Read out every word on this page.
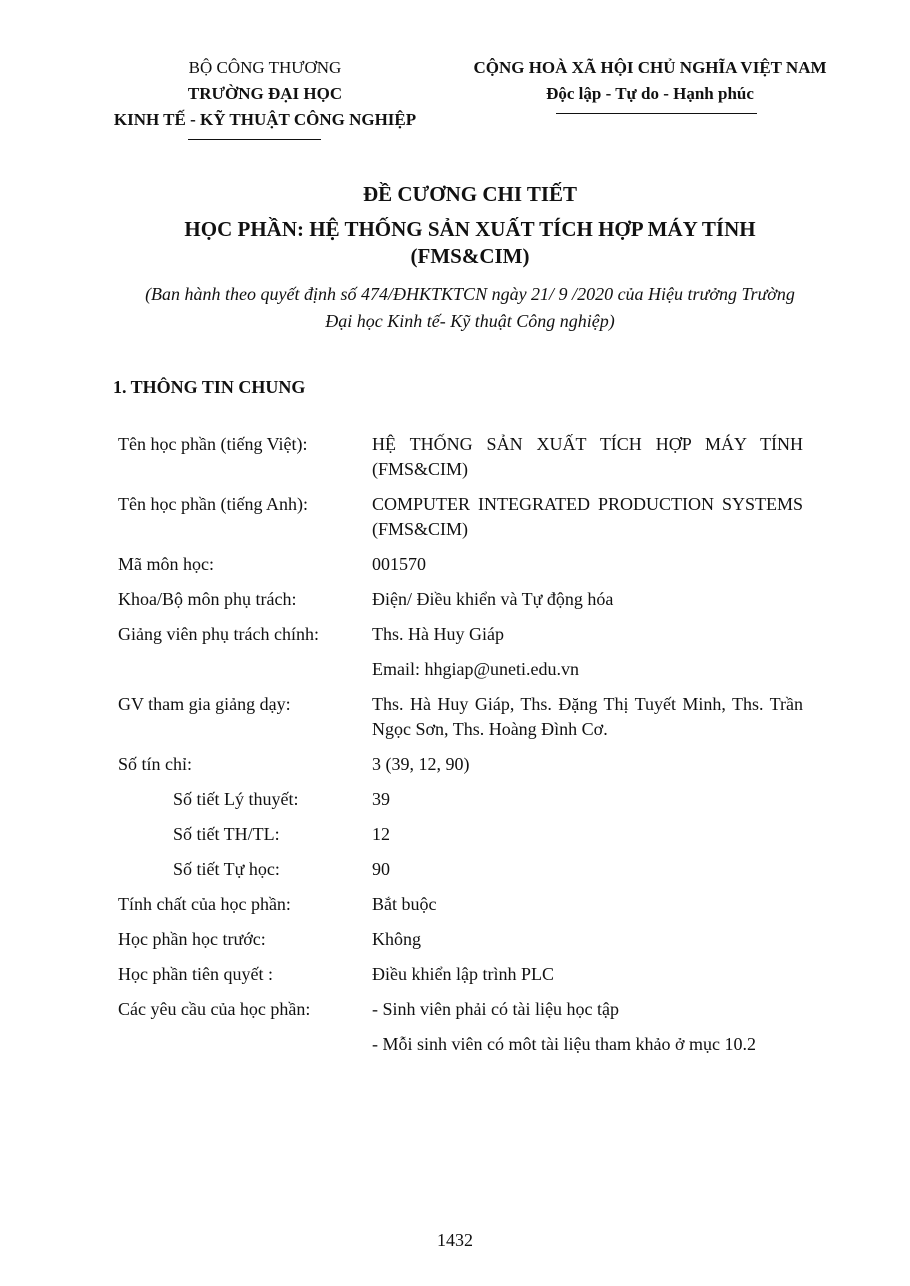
BỘ CÔNG THƯƠNG
TRƯỜNG ĐẠI HỌC
KINH TẾ - KỸ THUẬT CÔNG NGHIỆP
CỘNG HOÀ XÃ HỘI CHỦ NGHĨA VIỆT NAM
Độc lập - Tự do - Hạnh phúc
ĐỀ CƯƠNG CHI TIẾT
HỌC PHẦN: HỆ THỐNG SẢN XUẤT TÍCH HỢP MÁY TÍNH
(FMS&CIM)
(Ban hành theo quyết định số 474/ĐHKTKTCN ngày 21/ 9 /2020 của Hiệu trưởng Trường
Đại học Kinh tế- Kỹ thuật Công nghiệp)
1. THÔNG TIN CHUNG
Tên học phần (tiếng Việt):	HỆ THỐNG SẢN XUẤT TÍCH HỢP MÁY TÍNH (FMS&CIM)
Tên học phần (tiếng Anh):	COMPUTER INTEGRATED PRODUCTION SYSTEMS (FMS&CIM)
Mã môn học:	001570
Khoa/Bộ môn phụ trách:	Điện/ Điều khiển và Tự động hóa
Giảng viên phụ trách chính:	Ths. Hà Huy Giáp
	Email: hhgiap@uneti.edu.vn
GV tham gia giảng dạy:	Ths. Hà Huy Giáp, Ths. Đặng Thị Tuyết Minh, Ths. Trần Ngọc Sơn, Ths. Hoàng Đình Cơ.
Số tín chỉ:	3 (39, 12, 90)
Số tiết Lý thuyết:	39
Số tiết TH/TL:	12
Số tiết Tự học:	90
Tính chất của học phần:	Bắt buộc
Học phần học trước:	Không
Học phần tiên quyết :	Điều khiển lập trình PLC
Các yêu cầu của học phần:	- Sinh viên phải có tài liệu học tập
	- Mỗi sinh viên có môt tài liệu tham khảo ở mục 10.2
1432
